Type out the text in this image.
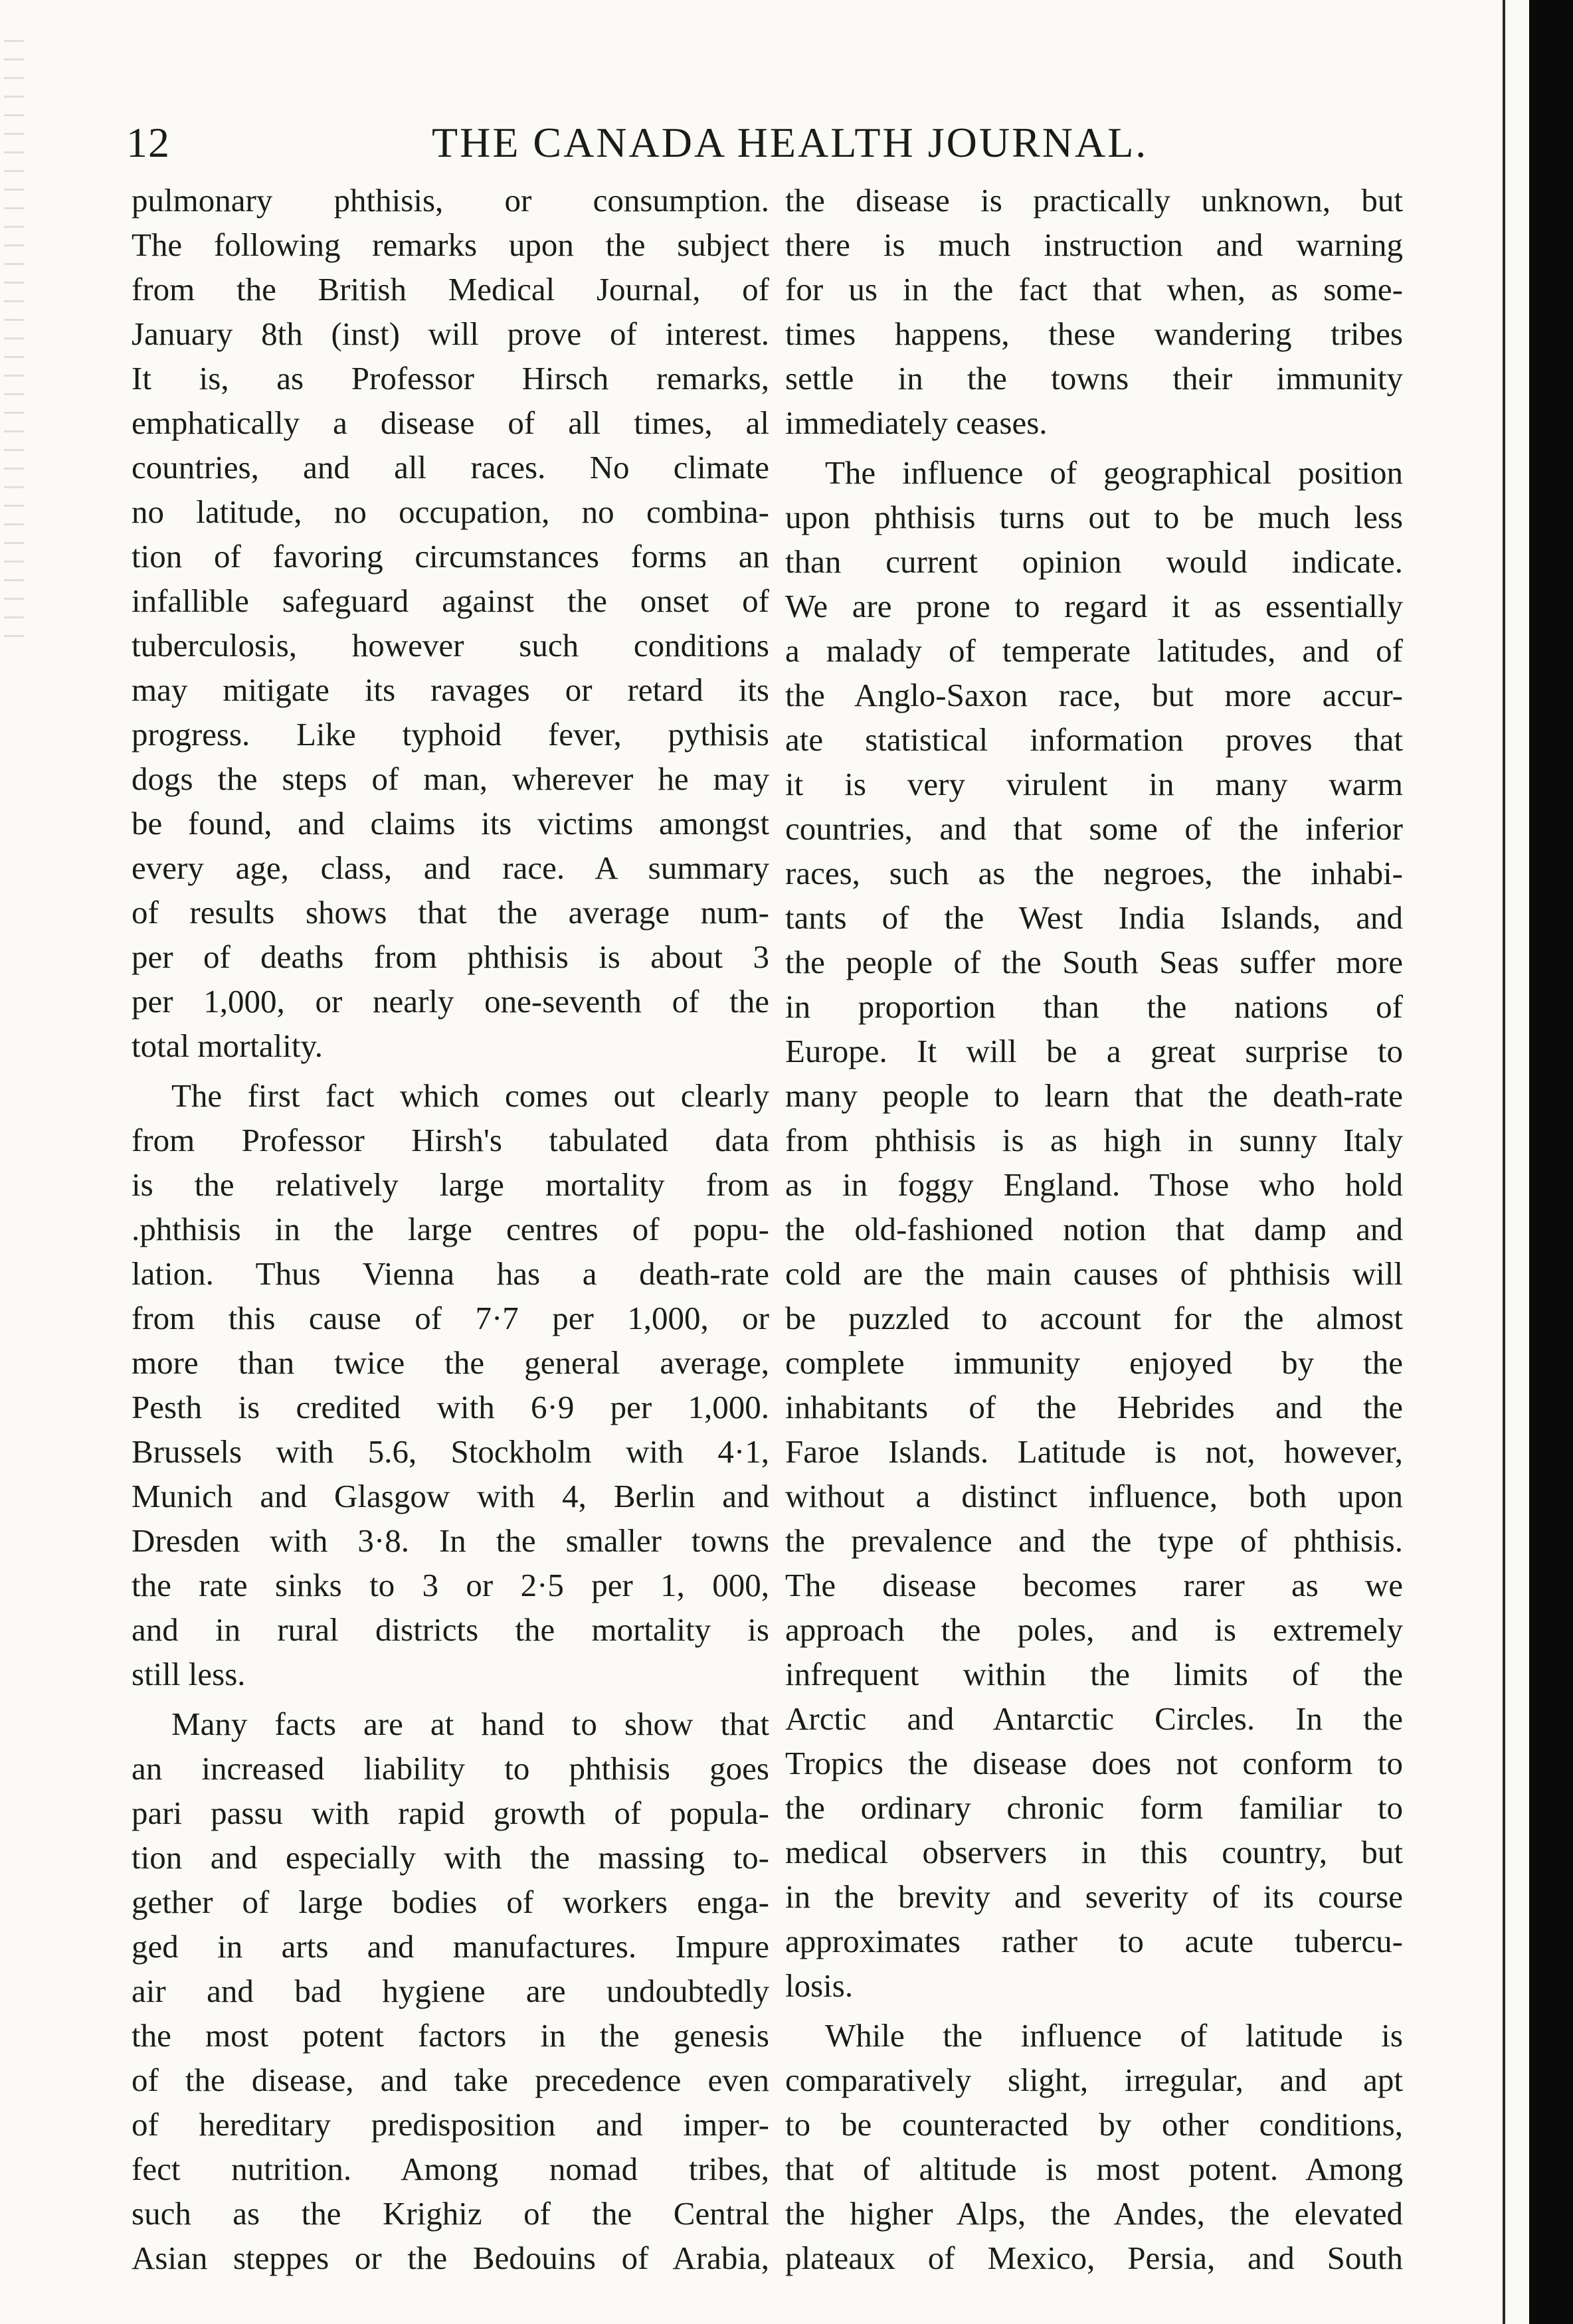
12	THE CANADA HEALTH JOURNAL.
pulmonary phthisis, or consumption.
The following remarks upon the subject
from the British Medical Journal, of
January 8th (inst) will prove of interest.
It is, as Professor Hirsch remarks,
emphatically a disease of all times, al
countries, and all races. No climate
no latitude, no occupation, no combina-
tion of favoring circumstances forms an
infallible safeguard against the onset of
tuberculosis, however such conditions
may mitigate its ravages or retard its
progress. Like typhoid fever, pythisis
dogs the steps of man, wherever he may
be found, and claims its victims amongst
every age, class, and race. A summary
of results shows that the average num-
per of deaths from phthisis is about 3
per 1,000, or nearly one-seventh of the
total mortality.
The first fact which comes out clearly
from Professor Hirsh's tabulated data
is the relatively large mortality from
.phthisis in the large centres of popu-
lation. Thus Vienna has a death-rate
from this cause of 7·7 per 1,000, or
more than twice the general average,
Pesth is credited with 6·9 per 1,000.
Brussels with 5.6, Stockholm with 4·1,
Munich and Glasgow with 4, Berlin and
Dresden with 3·8. In the smaller towns
the rate sinks to 3 or 2·5 per 1, 000,
and in rural districts the mortality is
still less.
Many facts are at hand to show that
an increased liability to phthisis goes
pari passu with rapid growth of popula-
tion and especially with the massing to-
gether of large bodies of workers enga-
ged in arts and manufactures. Impure
air and bad hygiene are undoubtedly
the most potent factors in the genesis
of the disease, and take precedence even
of hereditary predisposition and imper-
fect nutrition. Among nomad tribes,
such as the Krighiz of the Central
Asian steppes or the Bedouins of Arabia,
the disease is practically unknown, but
there is much instruction and warning
for us in the fact that when, as some-
times happens, these wandering tribes
settle in the towns their immunity
immediately ceases.
The influence of geographical position
upon phthisis turns out to be much less
than current opinion would indicate.
We are prone to regard it as essentially
a malady of temperate latitudes, and of
the Anglo-Saxon race, but more accur-
ate statistical information proves that
it is very virulent in many warm
countries, and that some of the inferior
races, such as the negroes, the inhabi-
tants of the West India Islands, and
the people of the South Seas suffer more
in proportion than the nations of
Europe. It will be a great surprise to
many people to learn that the death-rate
from phthisis is as high in sunny Italy
as in foggy England. Those who hold
the old-fashioned notion that damp and
cold are the main causes of phthisis will
be puzzled to account for the almost
complete immunity enjoyed by the
inhabitants of the Hebrides and the
Faroe Islands. Latitude is not, however,
without a distinct influence, both upon
the prevalence and the type of phthisis.
The disease becomes rarer as we
approach the poles, and is extremely
infrequent within the limits of the
Arctic and Antarctic Circles. In the
Tropics the disease does not conform to
the ordinary chronic form familiar to
medical observers in this country, but
in the brevity and severity of its course
approximates rather to acute tubercu-
losis.
While the influence of latitude is
comparatively slight, irregular, and apt
to be counteracted by other conditions,
that of altitude is most potent. Among
the higher Alps, the Andes, the elevated
plateaux of Mexico, Persia, and South
